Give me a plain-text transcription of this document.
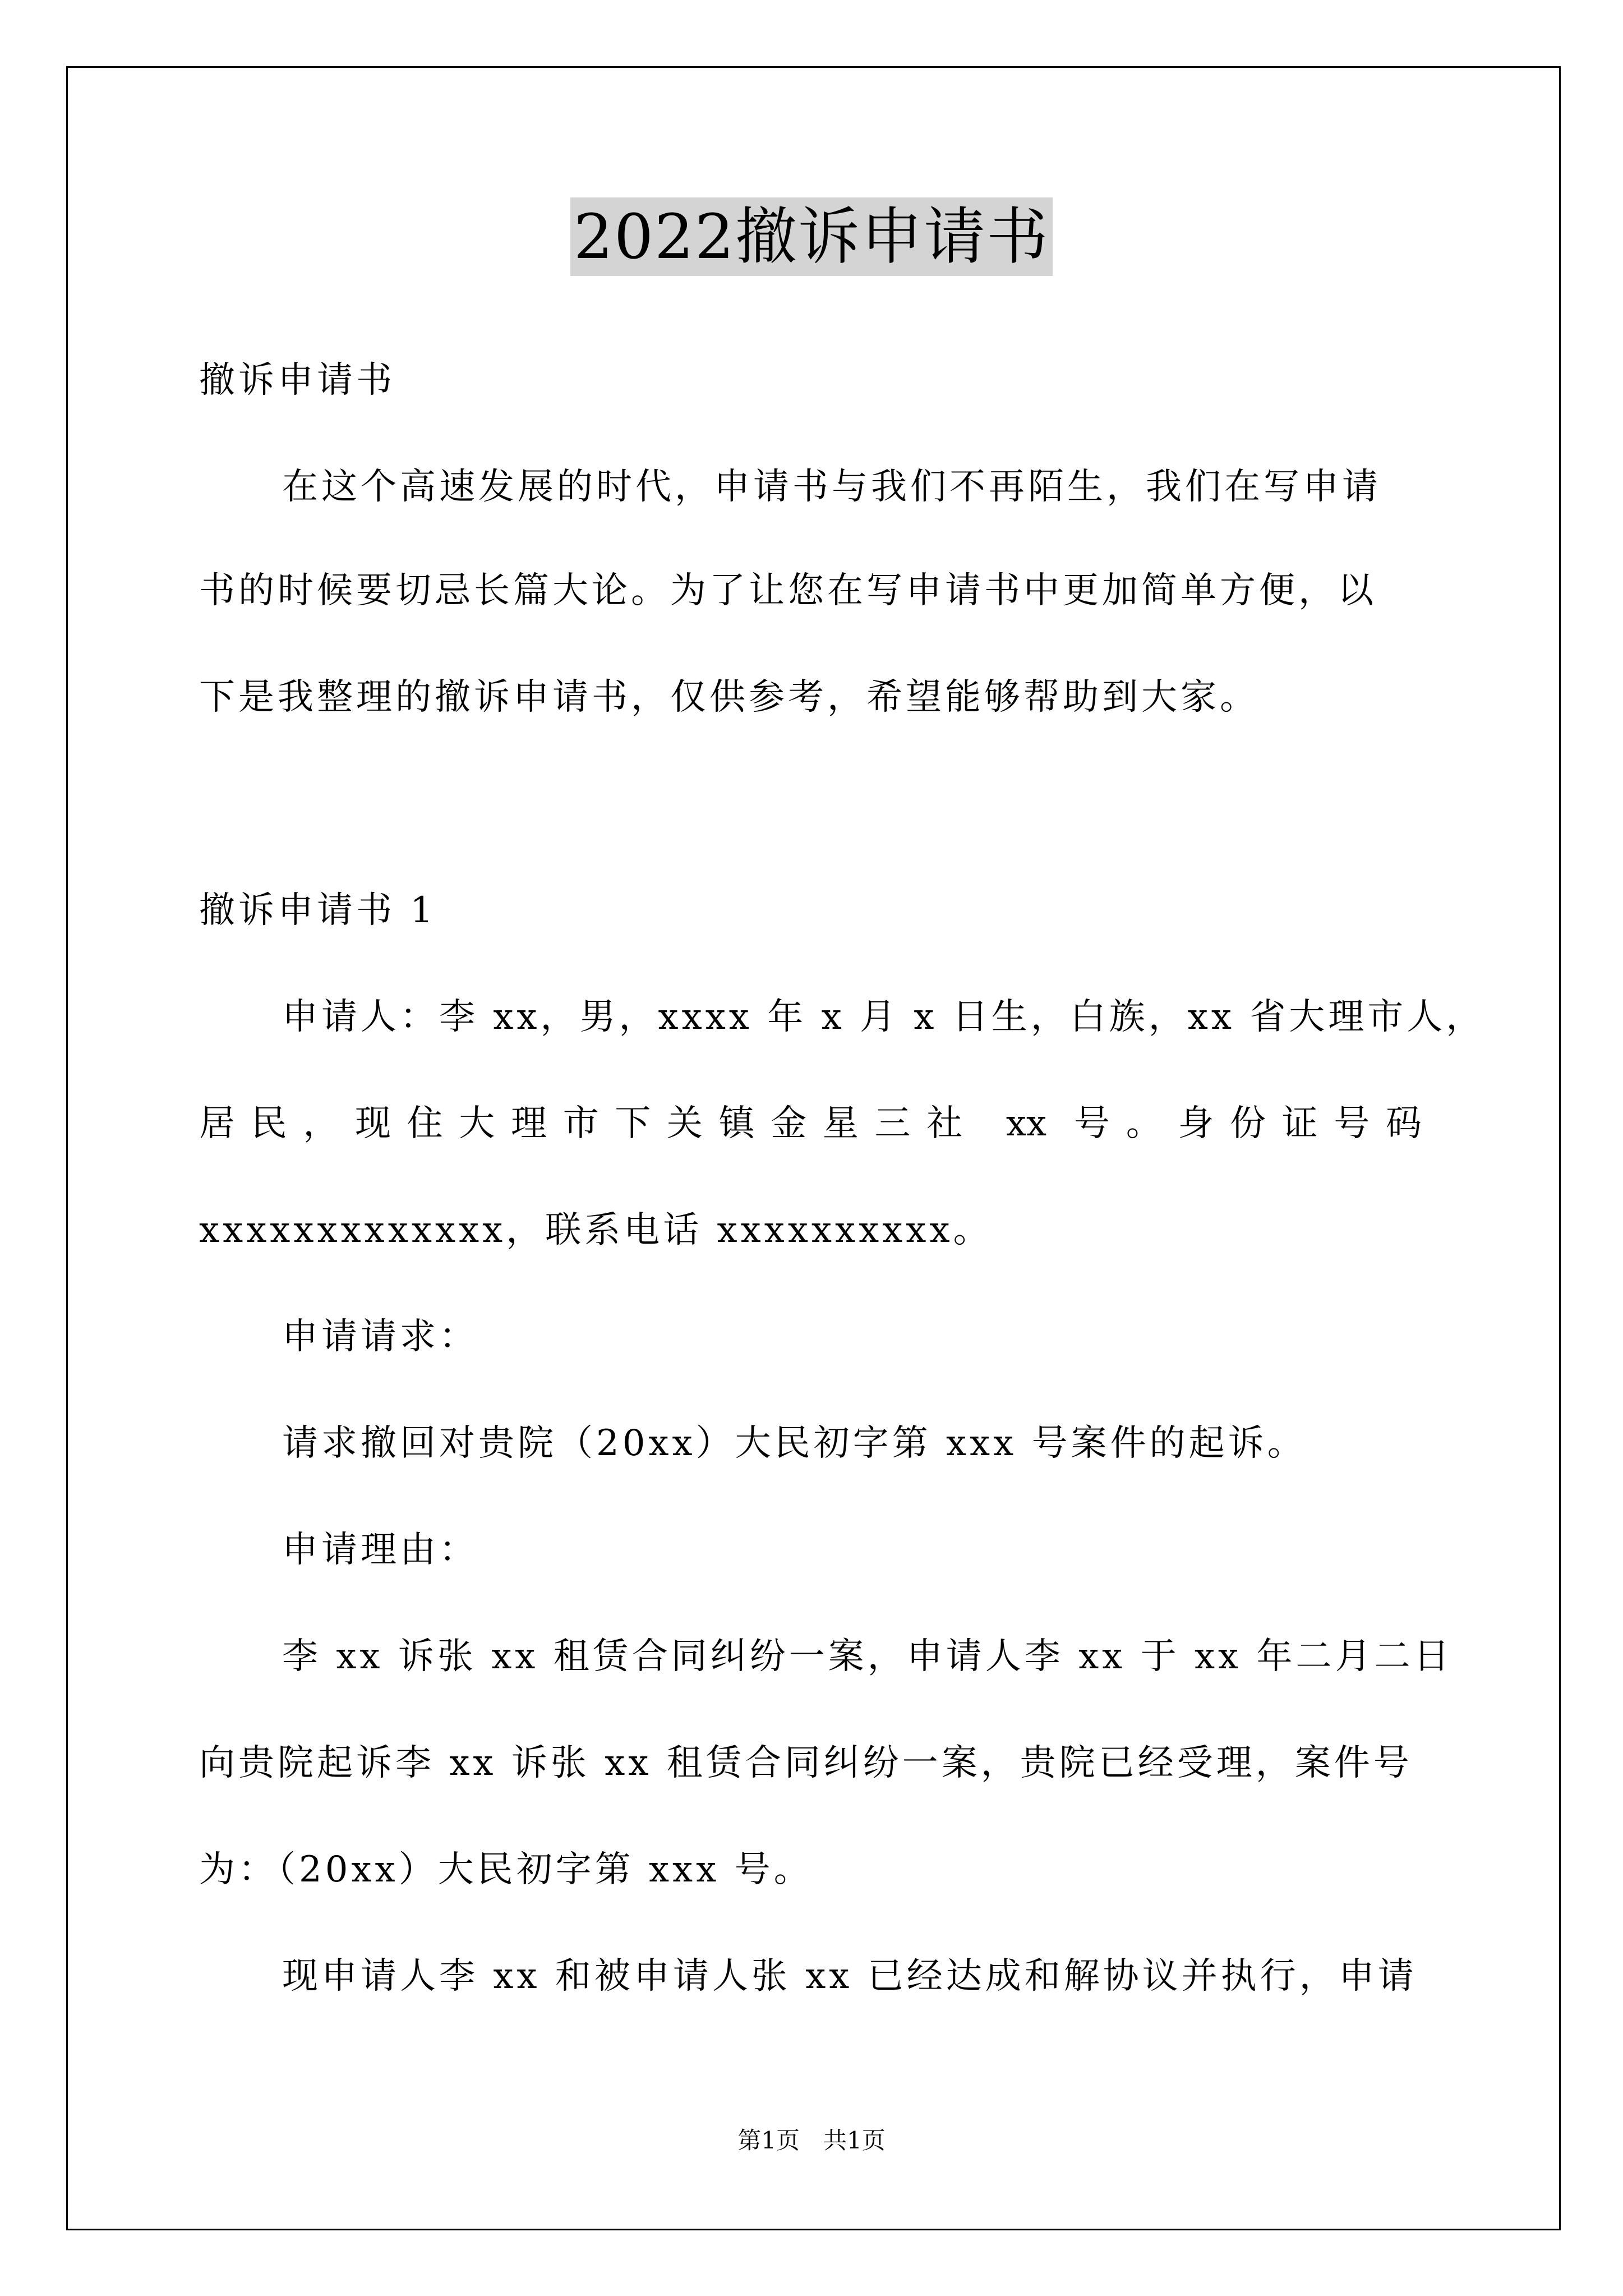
2022撤诉申请书
撤诉申请书
在这个高速发展的时代，申请书与我们不再陌生，我们在写申请
书的时候要切忌长篇大论。为了让您在写申请书中更加简单方便，以
下是我整理的撤诉申请书，仅供参考，希望能够帮助到大家。
撤诉申请书 1
申请人：李 xx，男，xxxx 年 x 月 x 日生，白族，xx 省大理市人，
居民，现住大理市下关镇金星三社 xx 号。身份证号码
xxxxxxxxxxxxx，联系电话 xxxxxxxxxx。
申请请求：
请求撤回对贵院（20xx）大民初字第 xxx 号案件的起诉。
申请理由：
李 xx 诉张 xx 租赁合同纠纷一案，申请人李 xx 于 xx 年二月二日
向贵院起诉李 xx 诉张 xx 租赁合同纠纷一案，贵院已经受理，案件号
为：（20xx）大民初字第 xxx 号。
现申请人李 xx 和被申请人张 xx 已经达成和解协议并执行，申请
第1页　共1页
